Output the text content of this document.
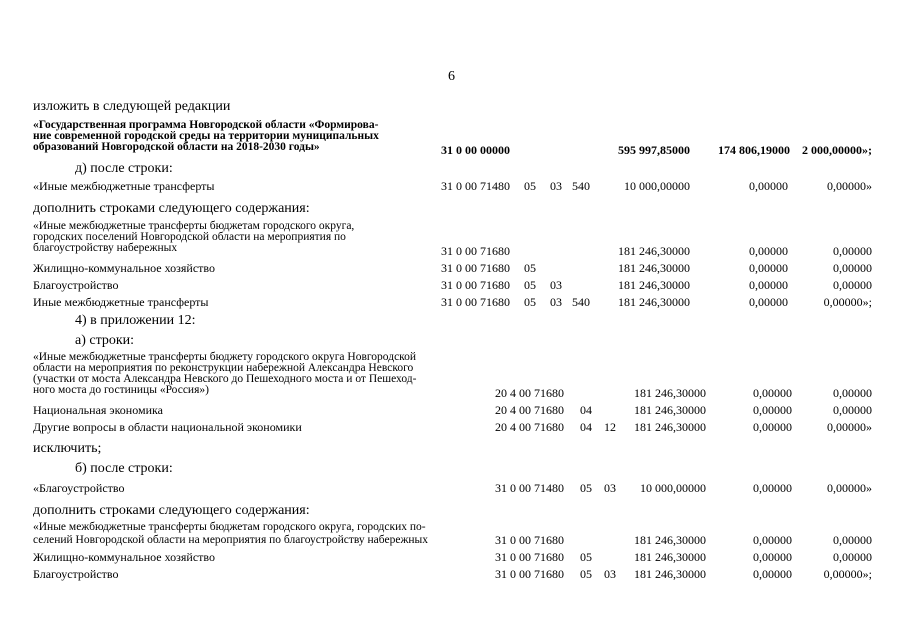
6
изложить в следующей редакции
«Государственная программа Новгородской области «Формирова-
ние современной городской среды на территории муниципальных
образований Новгородской области на 2018-2030 годы»	31 0 00 00000	595 997,85000	174 806,19000	2 000,00000»;
д) после строки:
«Иные межбюджетные трансферты	31 0 00 71480 05 03 540	10 000,00000	0,00000	0,00000»
дополнить строками следующего содержания:
«Иные межбюджетные трансферты бюджетам городского округа,
городских поселений Новгородской области на мероприятия по
благоустройству набережных	31 0 00 71680	181 246,30000	0,00000	0,00000
Жилищно-коммунальное хозяйство	31 0 00 71680 05	181 246,30000	0,00000	0,00000
Благоустройство	31 0 00 71680 05 03	181 246,30000	0,00000	0,00000
Иные межбюджетные трансферты	31 0 00 71680 05 03 540	181 246,30000	0,00000	0,00000»;
4) в приложении 12:
а) строки:
«Иные межбюджетные трансферты бюджету городского округа Новгородской
области на мероприятия по реконструкции набережной Александра Невского
(участки от моста Александра Невского до Пешеходного моста и от Пешеход-
ного моста до гостиницы «Россия»)	20 4 00 71680	181 246,30000	0,00000	0,00000
Национальная экономика	20 4 00 71680 04	181 246,30000	0,00000	0,00000
Другие вопросы в области национальной экономики	20 4 00 71680 04 12	181 246,30000	0,00000	0,00000»
исключить;
б) после строки:
«Благоустройство	31 0 00 71480 05 03	10 000,00000	0,00000	0,00000»
дополнить строками следующего содержания:
«Иные межбюджетные трансферты бюджетам городского округа, городских по-
селений Новгородской области на мероприятия по благоустройству набережных	31 0 00 71680	181 246,30000	0,00000	0,00000
Жилищно-коммунальное хозяйство	31 0 00 71680 05	181 246,30000	0,00000	0,00000
Благоустройство	31 0 00 71680 05 03	181 246,30000	0,00000	0,00000»;
